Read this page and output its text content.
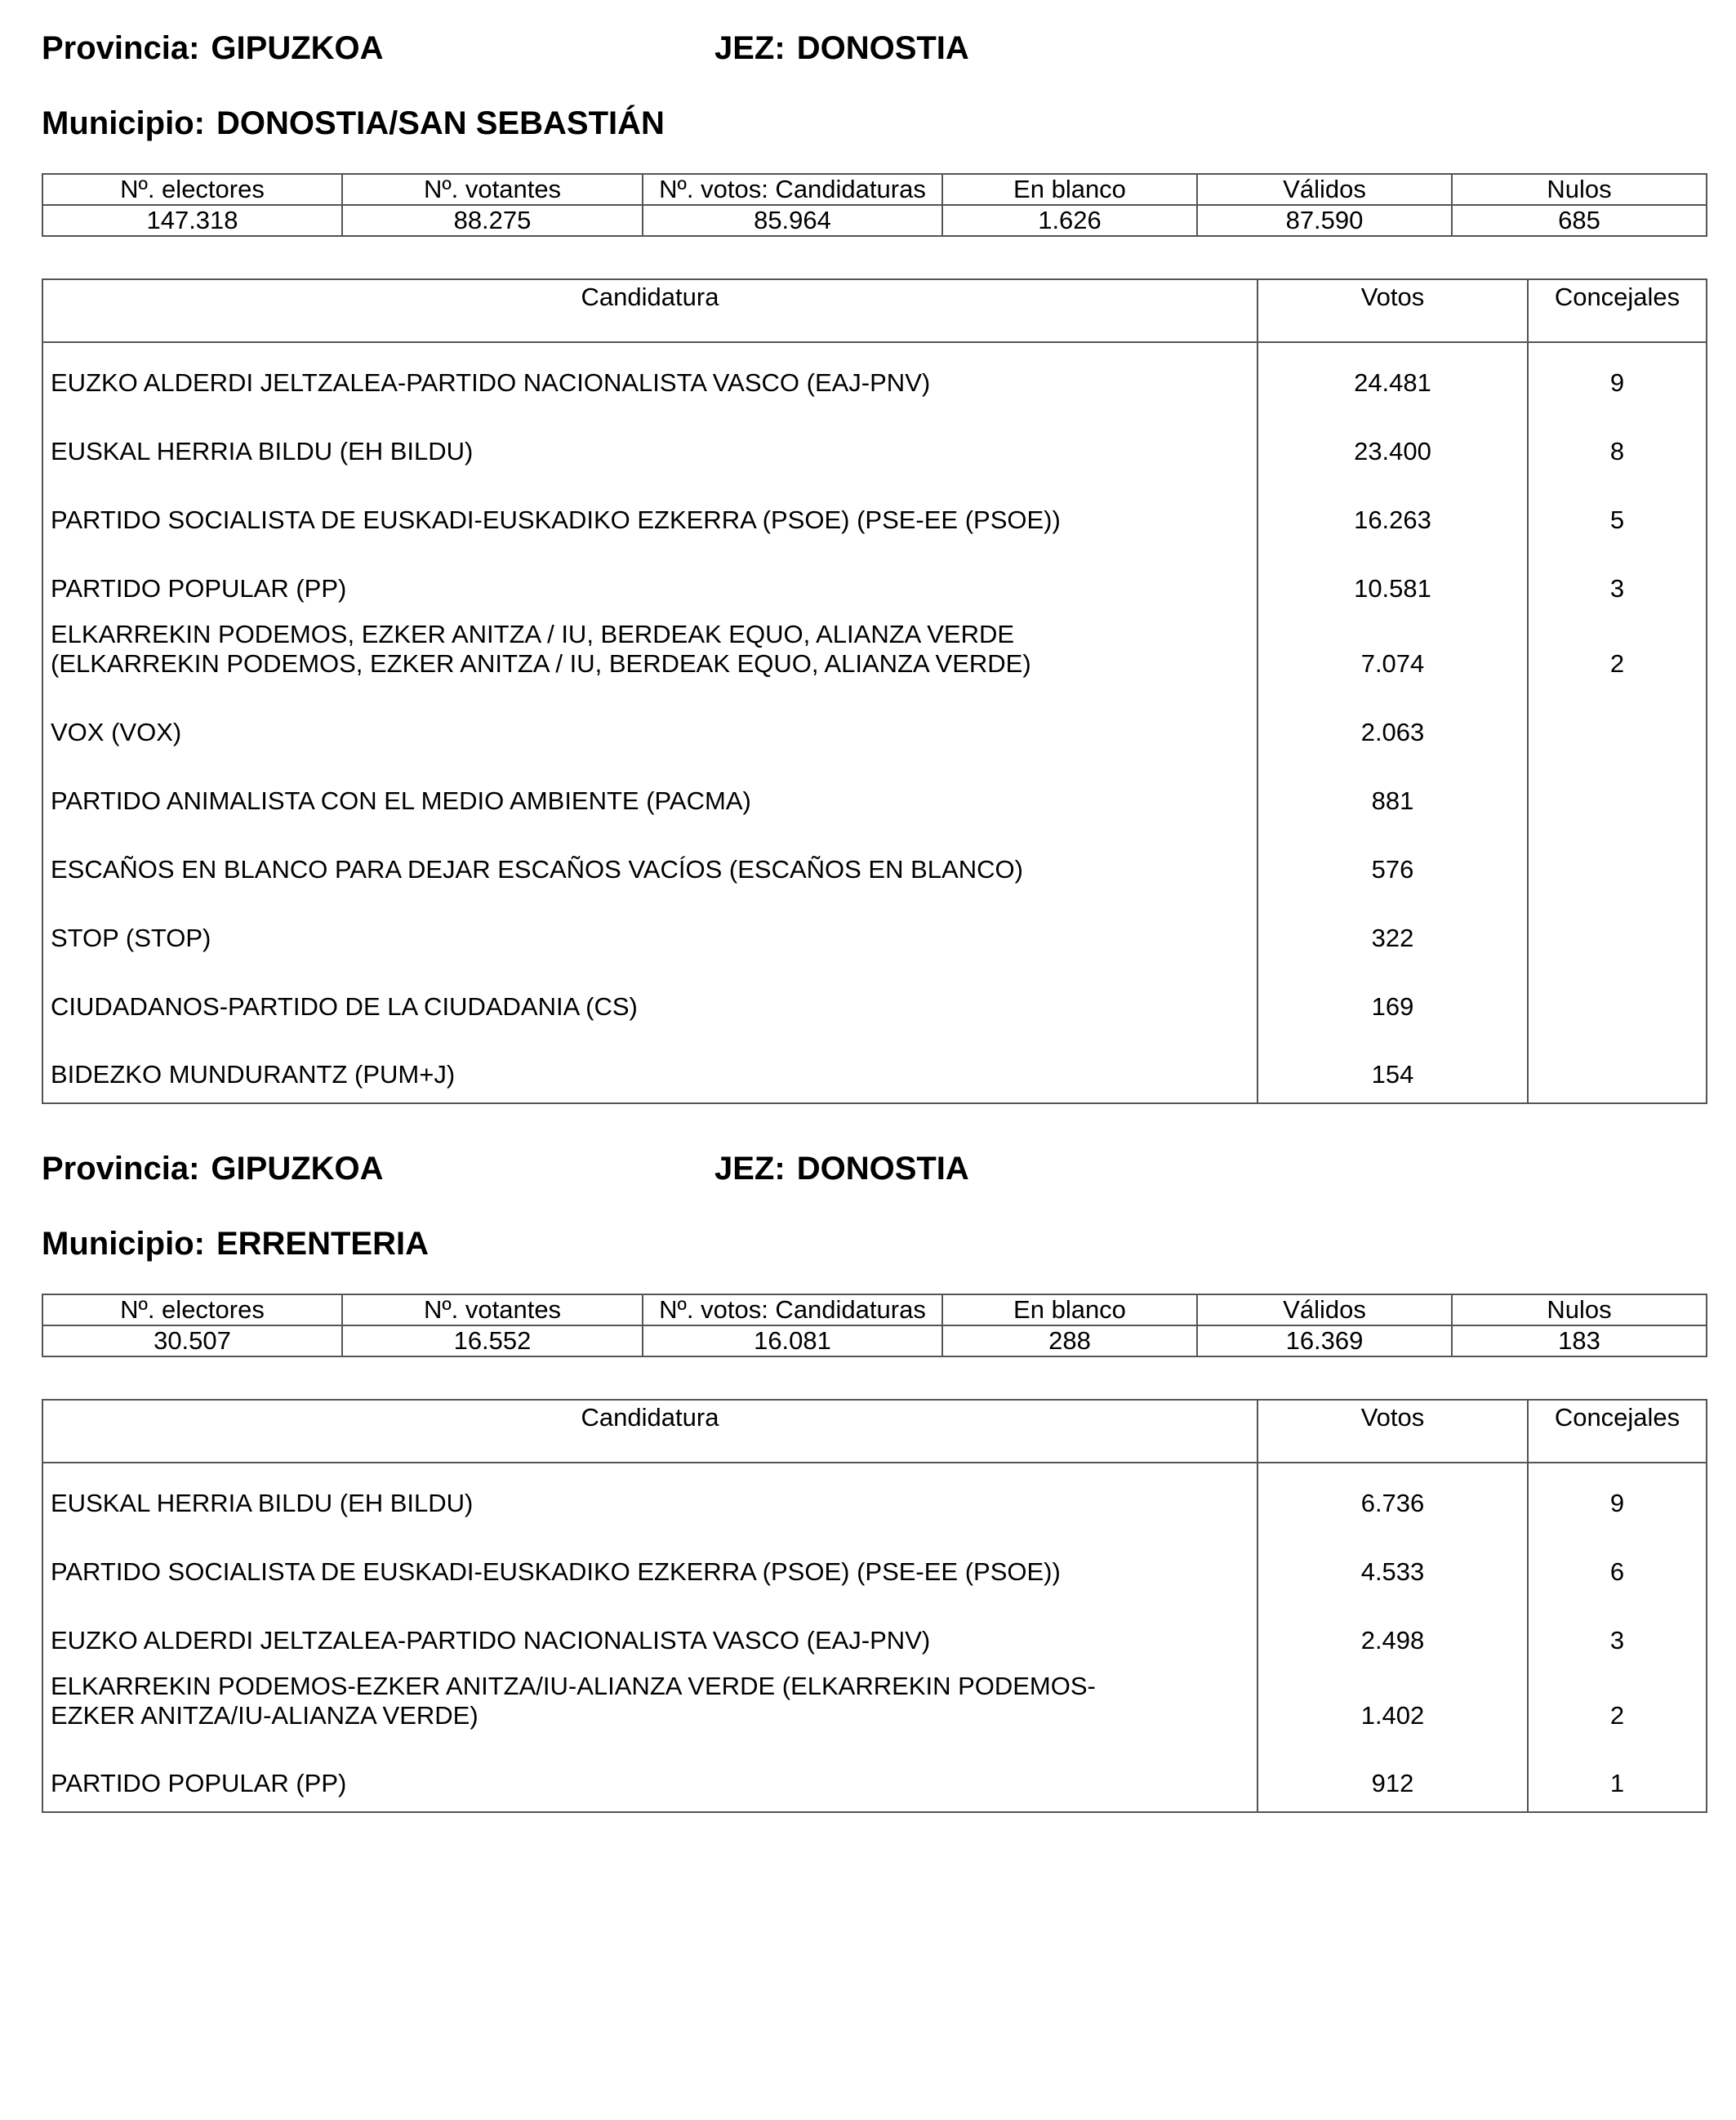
Provincia: GIPUZKOA	JEZ: DONOSTIA
Municipio: DONOSTIA/SAN SEBASTIÁN
Nº. electores	Nº. votantes	Nº. votos: Candidaturas	En blanco	Válidos	Nulos
147.318	88.275	85.964	1.626	87.590	685
Candidatura	Votos	Concejales
EUZKO ALDERDI JELTZALEA-PARTIDO NACIONALISTA VASCO (EAJ-PNV)	24.481	9
EUSKAL HERRIA BILDU (EH BILDU)	23.400	8
PARTIDO SOCIALISTA DE EUSKADI-EUSKADIKO EZKERRA (PSOE) (PSE-EE (PSOE))	16.263	5
PARTIDO POPULAR (PP)	10.581	3
ELKARREKIN PODEMOS, EZKER ANITZA / IU, BERDEAK EQUO, ALIANZA VERDE
(ELKARREKIN PODEMOS, EZKER ANITZA / IU, BERDEAK EQUO, ALIANZA VERDE)	7.074	2
VOX (VOX)	2.063	
PARTIDO ANIMALISTA CON EL MEDIO AMBIENTE (PACMA)	881	
ESCAÑOS EN BLANCO PARA DEJAR ESCAÑOS VACÍOS (ESCAÑOS EN BLANCO)	576	
STOP (STOP)	322	
CIUDADANOS-PARTIDO DE LA CIUDADANIA (CS)	169	
BIDEZKO MUNDURANTZ (PUM+J)	154	
Provincia: GIPUZKOA	JEZ: DONOSTIA
Municipio: ERRENTERIA
Nº. electores	Nº. votantes	Nº. votos: Candidaturas	En blanco	Válidos	Nulos
30.507	16.552	16.081	288	16.369	183
Candidatura	Votos	Concejales
EUSKAL HERRIA BILDU (EH BILDU)	6.736	9
PARTIDO SOCIALISTA DE EUSKADI-EUSKADIKO EZKERRA (PSOE) (PSE-EE (PSOE))	4.533	6
EUZKO ALDERDI JELTZALEA-PARTIDO NACIONALISTA VASCO (EAJ-PNV)	2.498	3
ELKARREKIN PODEMOS-EZKER ANITZA/IU-ALIANZA VERDE (ELKARREKIN PODEMOS-
EZKER ANITZA/IU-ALIANZA VERDE)	1.402	2
PARTIDO POPULAR (PP)	912	1
